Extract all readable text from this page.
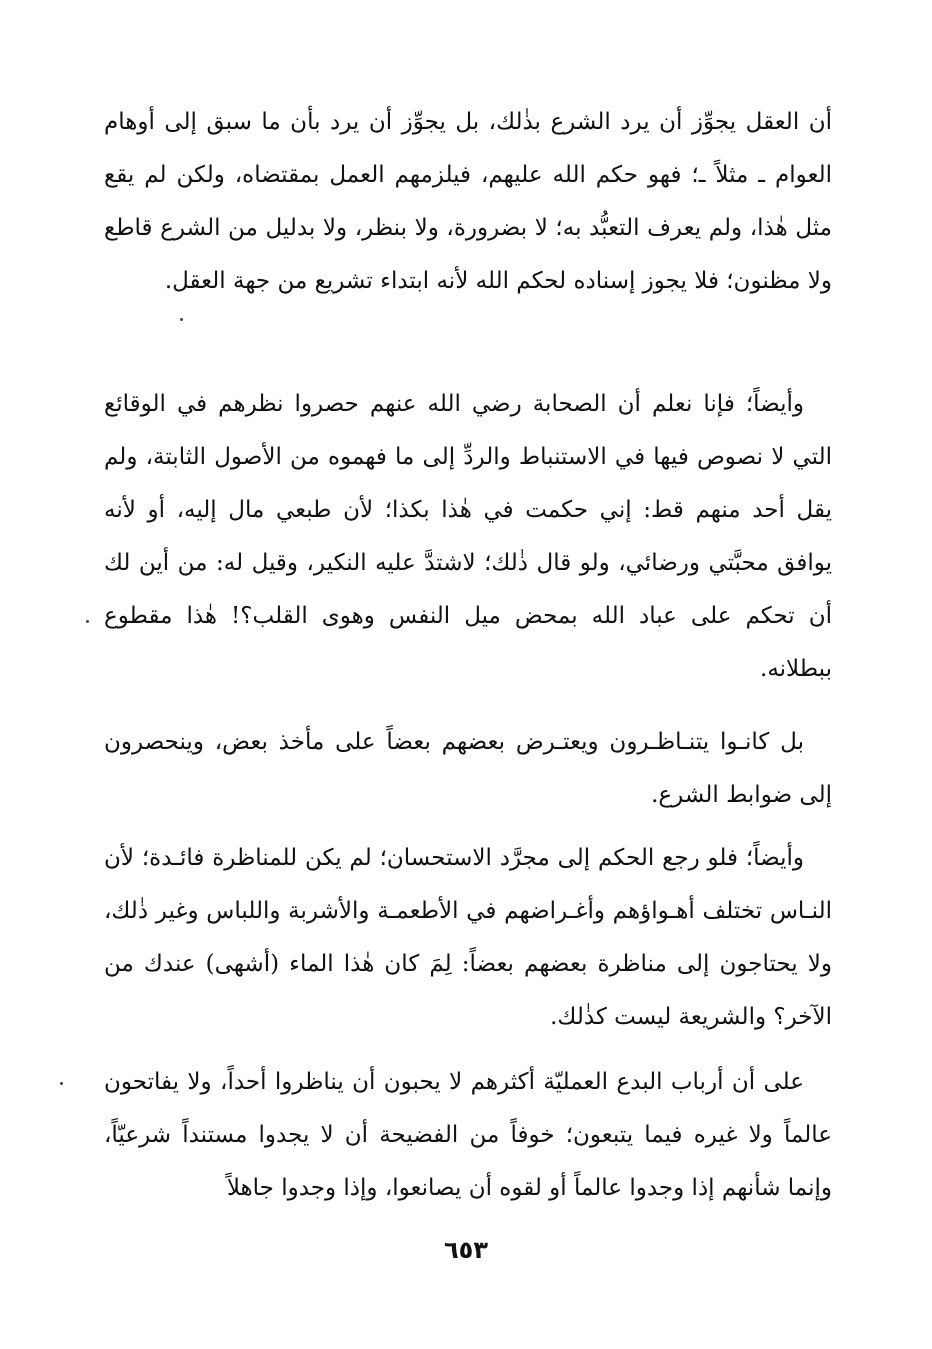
أن العقل يجوِّز أن يرد الشرع بذٰلك، بل يجوِّز أن يرد بأن ما سبق إلى أوهام العوام ـ مثلاً ـ؛ فهو حكم الله عليهم، فيلزمهم العمل بمقتضاه، ولكن لم يقع مثل هٰذا، ولم يعرف التعبُّد به؛ لا بضرورة، ولا بنظر، ولا بدليل من الشرع قاطع ولا مظنون؛ فلا يجوز إسناده لحكم الله لأنه ابتداء تشريع من جهة العقل.

وأيضاً؛ فإنا نعلم أن الصحابة رضي الله عنهم حصروا نظرهم في الوقائع التي لا نصوص فيها في الاستنباط والردِّ إلى ما فهموه من الأصول الثابتة، ولم يقل أحد منهم قط: إني حكمت في هٰذا بكذا؛ لأن طبعي مال إليه، أو لأنه يوافق محبَّتي ورضائي، ولو قال ذٰلك؛ لاشتدَّ عليه النكير، وقيل له: من أين لك أن تحكم على عباد الله بمحض ميل النفس وهوى القلب؟! هٰذا مقطوع ببطلانه.

بل كانـوا يتنـاظـرون ويعتـرض بعضهم بعضاً على مأخذ بعض، وينحصرون إلى ضوابط الشرع.

وأيضاً؛ فلو رجع الحكم إلى مجرَّد الاستحسان؛ لم يكن للمناظرة فائـدة؛ لأن النـاس تختلف أهـواؤهم وأغـراضهم في الأطعمـة والأشربة واللباس وغير ذٰلك، ولا يحتاجون إلى مناظرة بعضهم بعضاً: لِمَ كان هٰذا الماء (أشهى) عندك من الآخر؟ والشريعة ليست كذٰلك.

على أن أرباب البدع العمليّة أكثرهم لا يحبون أن يناظروا أحداً، ولا يفاتحون عالماً ولا غيره فيما يتبعون؛ خوفاً من الفضيحة أن لا يجدوا مستنداً شرعيّاً، وإنما شأنهم إذا وجدوا عالماً أو لقوه أن يصانعوا، وإذا وجدوا جاهلاً

٦٥٣
